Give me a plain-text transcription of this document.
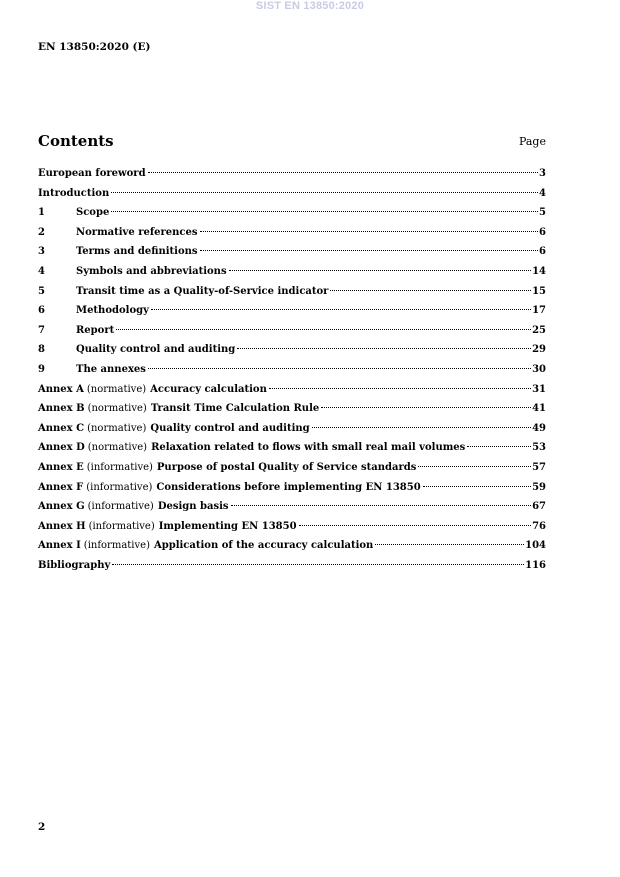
SIST EN 13850:2020
EN 13850:2020 (E)
Contents	Page
European foreword	3
Introduction	4
1	Scope	5
2	Normative references	6
3	Terms and definitions	6
4	Symbols and abbreviations	14
5	Transit time as a Quality-of-Service indicator	15
6	Methodology	17
7	Report	25
8	Quality control and auditing	29
9	The annexes	30
Annex A (normative) Accuracy calculation	31
Annex B (normative) Transit Time Calculation Rule	41
Annex C (normative) Quality control and auditing	49
Annex D (normative) Relaxation related to flows with small real mail volumes	53
Annex E (informative) Purpose of postal Quality of Service standards	57
Annex F (informative) Considerations before implementing EN 13850	59
Annex G (informative) Design basis	67
Annex H (informative) Implementing EN 13850	76
Annex I (informative) Application of the accuracy calculation	104
Bibliography	116
2
